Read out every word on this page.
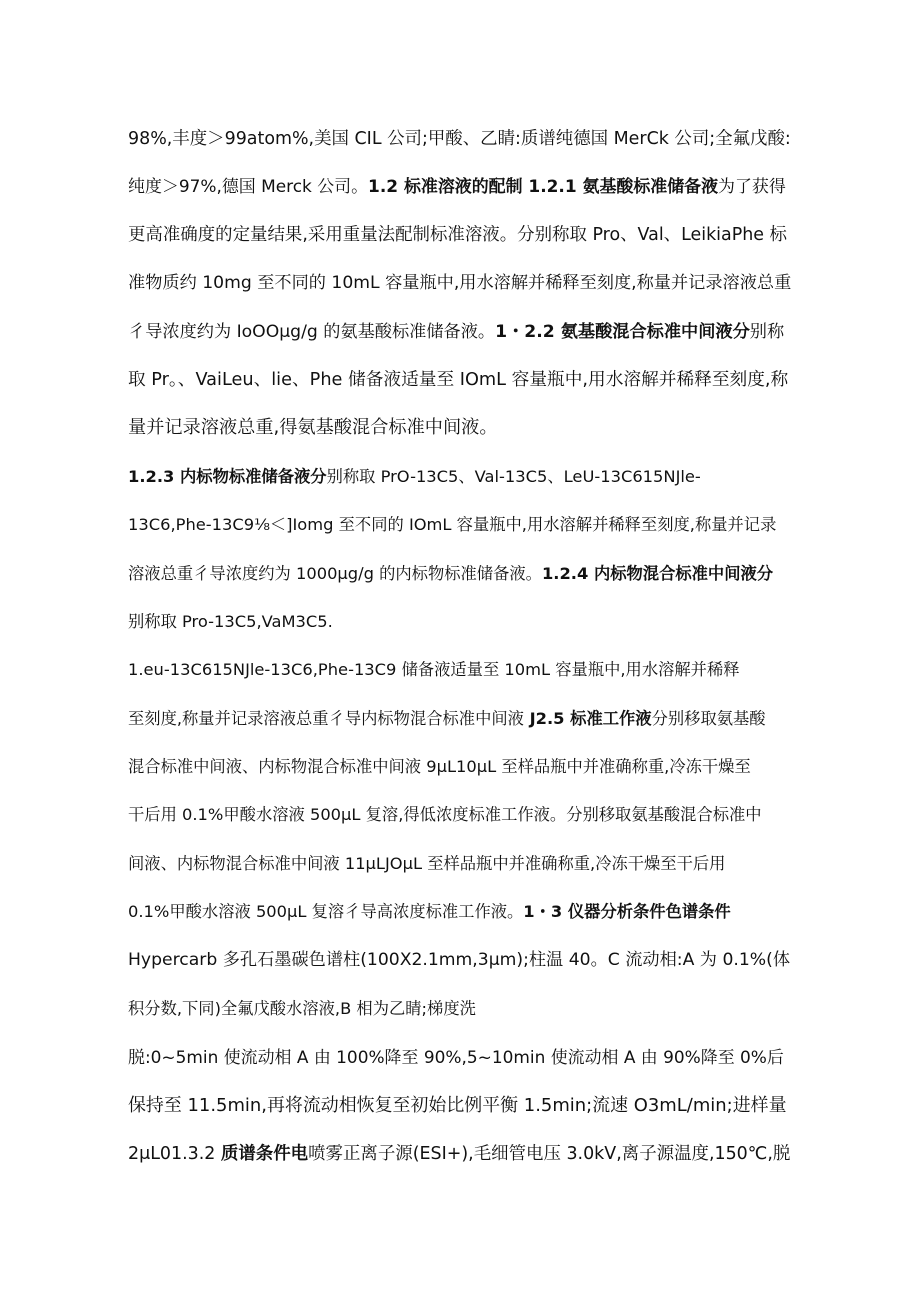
98%,丰度＞99atom%,美国 CIL 公司;甲酸、乙睛:质谱纯德国 MerCk 公司;全氟戊酸:
纯度＞97%,德国 Merck 公司。1.2 标准溶液的配制 1.2.1 氨基酸标准储备液为了获得
更高准确度的定量结果,采用重量法配制标准溶液。分别称取 Pro、Val、LeikiaPhe 标
准物质约 10mg 至不同的 10mL 容量瓶中,用水溶解并稀释至刻度,称量并记录溶液总重
彳导浓度约为 IoOOμg∕g 的氨基酸标准储备液。1・2.2 氨基酸混合标准中间液分别称
取 Pr。、VaiLeu、lie、Phe 储备液适量至 IOmL 容量瓶中,用水溶解并稀释至刻度,称
量并记录溶液总重,得氨基酸混合标准中间液。
1.2.3 内标物标准储备液分别称取 PrO-13C5、Val-13C5、LeU-13C615NJle-
13C6,Phe-13C9⅛＜]Iomg 至不同的 IOmL 容量瓶中,用水溶解并稀释至刻度,称量并记录
溶液总重彳导浓度约为 1000μg∕g 的内标物标准储备液。1.2.4 内标物混合标准中间液分
别称取 Pro-13C5,VaM3C5.
1.eu-13C615NJle-13C6,Phe-13C9 储备液适量至 10mL 容量瓶中,用水溶解并稀释
至刻度,称量并记录溶液总重彳导内标物混合标准中间液 J2.5 标准工作液分别移取氨基酸
混合标准中间液、内标物混合标准中间液 9μL10μL 至样品瓶中并准确称重,冷冻干燥至
干后用 0.1%甲酸水溶液 500μL 复溶,得低浓度标准工作液。分别移取氨基酸混合标准中
间液、内标物混合标准中间液 11μLJOμL 至样品瓶中并准确称重,冷冻干燥至干后用
0.1%甲酸水溶液 500μL 复溶彳导高浓度标准工作液。1・3 仪器分析条件色谱条件
Hypercarb 多孔石墨碳色谱柱(100X2.1mm,3μm);柱温 40。C 流动相:A 为 0.1%(体
积分数,下同)全氟戊酸水溶液,B 相为乙睛;梯度洗
脱:0~5min 使流动相 A 由 100%降至 90%,5~10min 使流动相 A 由 90%降至 0%后
保持至 11.5min,再将流动相恢复至初始比例平衡 1.5min;流速 O3mL∕min;进样量
2μL01.3.2 质谱条件电喷雾正离子源(ESI+),毛细管电压 3.0kV,离子源温度,150℃,脱
